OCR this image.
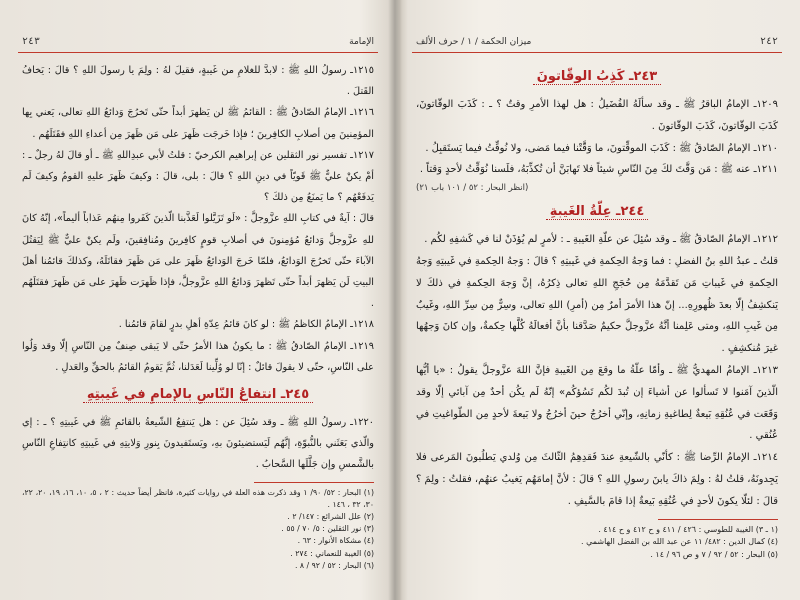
٢٤٣	الإمامة

١٢١٥ـ رسولُ اللهِ ﷺ : لابدَّ للغلامِ من غَيبةٍ، فقيلَ لهُ : ولِمَ يا رسولَ اللهِ ؟ قالَ : يَخافُ القَتلَ .

١٢١٦ـ الإمامُ الصّادقُ ﷺ : القائمُ ﷺ لن يَظهرَ أبداً حتّى تَخرُجَ وَدائعُ اللهِ تعالى، يَعني بِها المؤمِنينَ مِن أصلابِ الكافِرينَ ؛ فإذا خَرجَت ظَهرَ على مَن ظَهرَ مِن أعداءِ اللهِ فقَتَلَهُم .

١٢١٧ـ تفسير نور الثقلين عن إبراهيم الكرخيّ : قلتُ لأبي عبدِاللهِ ﷺ ـ أو قالَ لهُ رجلٌ ـ : أمْ يكنْ عليٌّ ﷺ قَويّاً في دينِ اللهِ ؟ قالَ : بلى، قالَ : وكيفَ ظَهرَ عليهِ القومُ وكيفَ لَم يَدفَعْهُم ؟ ما يَمنَعُ مِن ذلكَ ؟

قالَ : آيةٌ في كتابِ اللهِ عزَّوجلَّ : «لَو تَزَيَّلوا لَعَذَّبنا الّذينَ كَفَروا مِنهُم عَذاباً أليماً»، إنّهُ كانَ للهِ عزَّوجلَّ وَدائعُ مُؤمِنونَ في أصلابِ قومٍ كافِرينَ ومُنافِقينَ، ولَم يكنْ عليٌّ ﷺ لِيَقتُلَ الآباءَ حتّى تَخرُجَ الوَدائعُ، فلمّا خَرجَ الوَدائعُ ظَهرَ على مَن ظَهرَ فقاتَلَهُ، وكذلكَ قائمُنا أهلَ البيتِ لَن يَظهرَ أبداً حتّى تَظهرَ وَدائعُ اللهِ عزَّوجلَّ، فإذا ظَهرَت ظَهرَ على مَن ظَهرَ فقتَلَهُم .

١٢١٨ـ الإمامُ الكاظمُ ﷺ : لو كانَ قائمُ عِدّةِ أهلِ بدرٍ لقامَ قائمُنا .

١٢١٩ـ الإمامُ الصّادقُ ﷺ : ما يكونُ هذا الأمرُ حتّى لا يَبقى صِنفٌ مِن النّاسِ إلّا وقد وَلُوا على النّاسِ، حتّى لا يقولَ قائلٌ : إنّا لو وُلِّينا لَعَدَلنا، ثُمَّ يَقومُ القائمُ بالحقِّ والعَدلِ .

٢٤٥ـ انتفاعُ النّاسِ بالإمامِ في غَيبتِهِ

١٢٢٠ـ رسولُ اللهِ ﷺ ـ وقد سُئِلَ عن : هل يَنتفِعُ الشّيعةُ بالقائمِ ﷺ في غَيبتِهِ ؟ ـ : إي والّذي بَعَثَني بالنُّبوّةِ، إنَّهُم لَيَستضيئونَ بهِ، ويَستَفيدونَ بِنورِ وَلايتِهِ في غَيبتِهِ كانتِفاعِ النّاسِ بالشَّمسِ وإن جَلَّلَها السَّحابُ .

(١) البحار : ٥٢/ ٩٠/ ١ وقد ذكرت هذه العلة في روايات كثيرة، فانظر أيضاً حديث : ٢ ، ٥، ١٠، ١٦، ١٩، ٢٠، ٢٢، ٣٠، ٣٢ ، ١٤٦ .
(٢) علل الشرائع : ١٤٧/ ٢ .
(٣) نور الثقلين : ٥/ ٧٠ / ٥٥ .
(٤) مشكاة الأنوار : ٦٣ .
(٥) الغيبة للنعماني : ٢٧٤ .
(٦) البحار : ٥٢ / ٩٢ / ٨ .
٢٤٢
ميزان الحكمة / ١ / حرف الألف
٢٤٣ـ كَذِبُ الوقّاتونَ

١٢٠٩ـ الإمامُ الباقرُ ﷺ ـ وقد سألَهُ الفُضَيلُ : هل لهذا الأمرِ وقتٌ ؟ ـ : كَذَبَ الوقّاتونَ، كَذَبَ الوقّاتونَ، كَذَبَ الوقّاتونَ .

١٢١٠ـ الإمامُ الصّادقُ ﷺ : كَذَبَ الموقِّتونَ، ما وَقَّتْنا فيما مَضى، ولا نُوقِّتُ فيما يَستَقبِلُ .

١٢١١ـ عنه ﷺ : مَن وَقَّتَ لكَ مِنَ النّاسِ شيئاً فلا تَهابَنَّ أن تُكذِّبَهُ، فلَسنا نُوَقِّتُ لأحدٍ وَقتاً .

(انظر البحار : ٥٢ / ١٠١ باب ٢١)
٢٤٤ـ عِلّةُ الغَيبةِ

١٢١٢ـ الإمامُ الصّادقُ ﷺ ـ وقد سُئِلَ عن علّةِ الغَيبةِ ـ : لأمرٍ لم يُؤذَنْ لنا في كَشفِهِ لكُم .

قلتُ ـ عبدُ اللهِ بنُ الفضلِ : فما وَجهُ الحِكمةِ في غَيبتِهِ ؟ قالَ : وَجهُ الحِكمةِ في غَيبتِهِ وَجهُ الحِكمةِ في غَيباتِ مَن تَقدَّمَهُ مِن حُجَجِ اللهِ تعالى ذِكرُهُ، إنَّ وَجهَ الحِكمةِ في ذلكَ لا يَنكشِفُ إلّا بعدَ ظُهورِهِ... إنّ هذا الأمرَ أمرٌ مِن (أمرِ) اللهِ تعالى، وسِرٌّ مِن سِرِّ اللهِ، وغَيبٌ مِن غَيبِ اللهِ، ومتى عَلِمنا أنَّهُ عزَّوجلَّ حكيمٌ صَدَّقنا بأنَّ أفعالَهُ كُلَّها حِكمةٌ، وإن كانَ وَجهُها غيرَ مُنكشِفٍ .

١٢١٣ـ الإمامُ المهديُّ ﷺ ـ وأمّا علّةُ ما وقعَ مِن الغَيبةِ فإنَّ اللهَ عزَّوجلَّ يقولُ : «يا أيُّها الّذينَ آمَنوا لا تَسألوا عن أشياءَ إن تُبدَ لكُم تَسُؤكُم» إنّهُ لَم يكُن أحدٌ مِن آبائي إلّا وقد وَقَعَت في عُنُقِهِ بَيعةٌ لِطاغيةِ زمانِهِ، وإنّي أخرُجُ حينَ أخرُجُ ولا بَيعةَ لأحدٍ مِن الطّواغيتِ في عُنُقي .

١٢١٤ـ الإمامُ الرِّضا ﷺ : كأنّي بالشّيعةِ عندَ فَقدِهِمُ الثّالثَ مِن وُلدي يَطلُبونَ المَرعى فلا يَجِدونَهُ، قلتُ لهُ : ولِمَ ذاكَ يابنَ رسولِ اللهِ ؟ قالَ : لأنَّ إمامَهُم يَغيبُ عنهُم، فقلتُ : ولِمَ ؟ قالَ : لئلّا يكونَ لأحدٍ في عُنُقِهِ بَيعةٌ إذا قامَ بالسَّيفِ .

(١ ـ ٣) الغيبة للطوسي : ٤٢٦ / ٤١١ و ح ٤١٢ و ح ٤١٤ .
(٤) كمال الدين : ٤٨٢/ ١١ عن عبد الله بن الفضل الهاشمي .
(٥) البحار : ٥٢ / ٩٢ / ٧ و ص ٩٦ / ١٤ .
